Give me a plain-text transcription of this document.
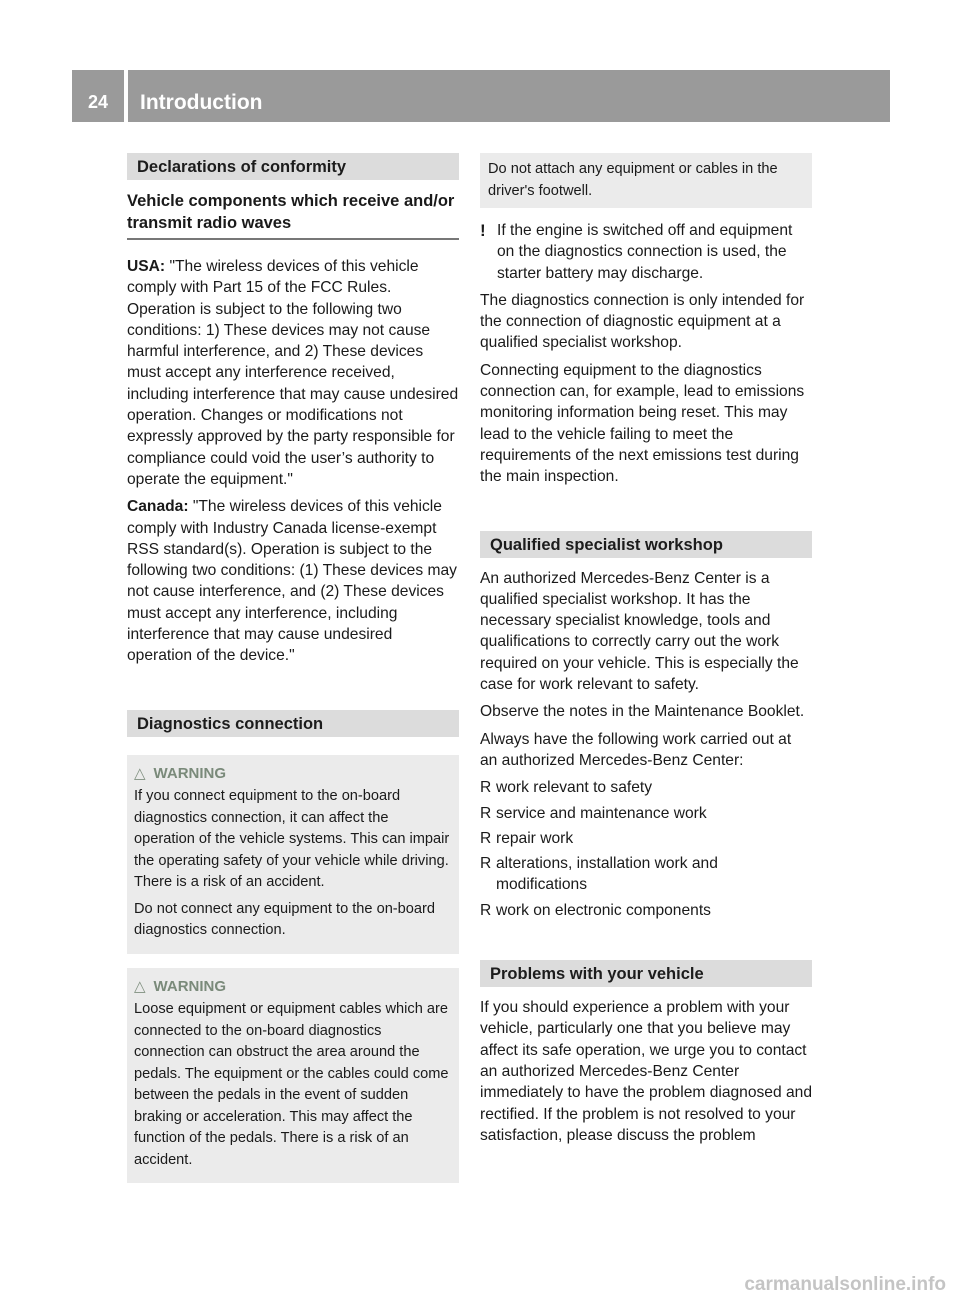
24	Introduction
Declarations of conformity
Vehicle components which receive and/or transmit radio waves

USA: "The wireless devices of this vehicle comply with Part 15 of the FCC Rules. Operation is subject to the following two conditions: 1) These devices may not cause harmful interference, and 2) These devices must accept any interference received, including interference that may cause undesired operation. Changes or modifications not expressly approved by the party responsible for compliance could void the user’s authority to operate the equipment."

Canada: "The wireless devices of this vehicle comply with Industry Canada license-exempt RSS standard(s). Operation is subject to the following two conditions: (1) These devices may not cause interference, and (2) These devices must accept any interference, including interference that may cause undesired operation of the device."

Diagnostics connection
△ WARNING

If you connect equipment to the on-board diagnostics connection, it can affect the operation of the vehicle systems. This can impair the operating safety of your vehicle while driving. There is a risk of an accident.

Do not connect any equipment to the on-board diagnostics connection.

△ WARNING

Loose equipment or equipment cables which are connected to the on-board diagnostics connection can obstruct the area around the pedals. The equipment or the cables could come between the pedals in the event of sudden braking or acceleration. This may affect the function of the pedals. There is a risk of an accident.

Do not attach any equipment or cables in the driver's footwell.

! If the engine is switched off and equipment on the diagnostics connection is used, the starter battery may discharge.

The diagnostics connection is only intended for the connection of diagnostic equipment at a qualified specialist workshop.

Connecting equipment to the diagnostics connection can, for example, lead to emissions monitoring information being reset. This may lead to the vehicle failing to meet the requirements of the next emissions test during the main inspection.

Qualified specialist workshop

An authorized Mercedes-Benz Center is a qualified specialist workshop. It has the necessary specialist knowledge, tools and qualifications to correctly carry out the work required on your vehicle. This is especially the case for work relevant to safety.

Observe the notes in the Maintenance Booklet.

Always have the following work carried out at an authorized Mercedes-Benz Center:

R work relevant to safety
R service and maintenance work
R repair work
R alterations, installation work and modifications
R work on electronic components
Problems with your vehicle

If you should experience a problem with your vehicle, particularly one that you believe may affect its safe operation, we urge you to contact an authorized Mercedes-Benz Center immediately to have the problem diagnosed and rectified. If the problem is not resolved to your satisfaction, please discuss the problem

carmanualsonline.info
